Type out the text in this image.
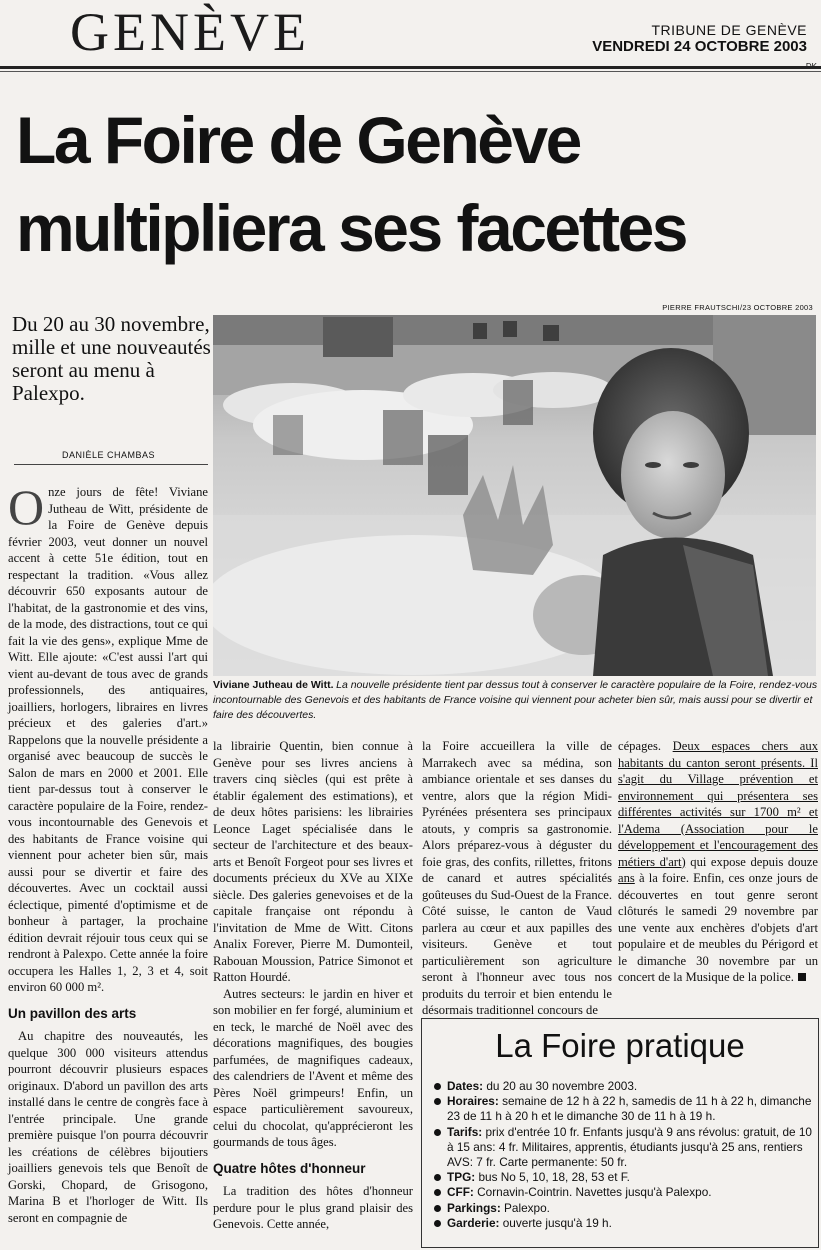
GENÈVE	TRIBUNE DE GENÈVE
VENDREDI 24 OCTOBRE 2003
La Foire de Genève multipliera ses facettes
PIERRE FRAUTSCHI/23 OCTOBRE 2003
Du 20 au 30 novembre, mille et une nouveautés seront au menu à Palexpo.
DANIÈLE CHAMBAS
Viviane Jutheau de Witt. La nouvelle présidente tient par dessus tout à conserver le caractère populaire de la Foire, rendez-vous incontournable des Genevois et des habitants de France voisine qui viennent pour acheter bien sûr, mais aussi pour se divertir et faire des découvertes.

Onze jours de fête! Viviane Jutheau de Witt, présidente de la Foire de Genève depuis février 2003, veut donner un nouvel accent à cette 51e édition, tout en respectant la tradition. «Vous allez découvrir 650 exposants autour de l'habitat, de la gastronomie et des vins, de la mode, des distractions, tout ce qui fait la vie des gens», explique Mme de Witt. Elle ajoute: «C'est aussi l'art qui vient au-devant de tous avec de grands professionnels, des antiquaires, joailliers, horlogers, libraires en livres précieux et des galeries d'art.» Rappelons que la nouvelle présidente a organisé avec beaucoup de succès le Salon de mars en 2000 et 2001. Elle tient par-dessus tout à conserver le caractère populaire de la Foire, rendez-vous incontournable des Genevois et des habitants de France voisine qui viennent pour acheter bien sûr, mais aussi pour se divertir et faire des découvertes. Avec un cocktail aussi éclectique, pimenté d'optimisme et de bonheur à partager, la prochaine édition devrait réjouir tous ceux qui se rendront à Palexpo. Cette année la foire occupera les Halles 1, 2, 3 et 4, soit environ 60 000 m².

Un pavillon des arts

Au chapitre des nouveautés, les quelque 300 000 visiteurs attendus pourront découvrir plusieurs espaces originaux. D'abord un pavillon des arts installé dans le centre de congrès face à l'entrée principale. Une grande première puisque l'on pourra découvrir les créations de célèbres bijoutiers joailliers genevois tels que Benoît de Gorski, Chopard, de Grisogono, Marina B et l'horloger de Witt. Ils seront en compagnie de

la librairie Quentin, bien connue à Genève pour ses livres anciens à travers cinq siècles (qui est prête à établir également des estimations), et de deux hôtes parisiens: les librairies Leonce Laget spécialisée dans le secteur de l'architecture et des beaux-arts et Benoît Forgeot pour ses livres et documents précieux du XVe au XIXe siècle. Des galeries genevoises et de la capitale française ont répondu à l'invitation de Mme de Witt. Citons Analix Forever, Pierre M. Dumonteil, Rabouan Moussion, Patrice Simonot et Ratton Hourdé.

Autres secteurs: le jardin en hiver et son mobilier en fer forgé, aluminium et en teck, le marché de Noël avec des décorations magnifiques, des bougies parfumées, de magnifiques cadeaux, des calendriers de l'Avent et même des Pères Noël grimpeurs! Enfin, un espace particulièrement savoureux, celui du chocolat, qu'apprécieront les gourmands de tous âges.

Quatre hôtes d'honneur

La tradition des hôtes d'honneur perdure pour le plus grand plaisir des Genevois. Cette année,

la Foire accueillera la ville de Marrakech avec sa médina, son ambiance orientale et ses danses du ventre, alors que la région Midi-Pyrénées présentera ses principaux atouts, y compris sa gastronomie. Alors préparez-vous à déguster du foie gras, des confits, rillettes, fritons de canard et autres spécialités goûteuses du Sud-Ouest de la France. Côté suisse, le canton de Vaud parlera au cœur et aux papilles des visiteurs. Genève et tout particulièrement son agriculture seront à l'honneur avec tous nos produits du terroir et bien entendu le désormais traditionnel concours de

cépages. Deux espaces chers aux habitants du canton seront présents. Il s'agit du Village prévention et environnement qui présentera ses différentes activités sur 1700 m² et l'Adema (Association pour le développement et l'encouragement des métiers d'art) qui expose depuis douze ans à la foire. Enfin, ces onze jours de découvertes en tout genre seront clôturés le samedi 29 novembre par une vente aux enchères d'objets d'art populaire et de meubles du Périgord et le dimanche 30 novembre par un concert de la Musique de la police.

La Foire pratique
Dates: du 20 au 30 novembre 2003.
Horaires: semaine de 12 h à 22 h, samedis de 11 h à 22 h, dimanche 23 de 11 h à 20 h et le dimanche 30 de 11 h à 19 h.
Tarifs: prix d'entrée 10 fr. Enfants jusqu'à 9 ans révolus: gratuit, de 10 à 15 ans: 4 fr. Militaires, apprentis, étudiants jusqu'à 25 ans, rentiers AVS: 7 fr. Carte permanente: 50 fr.
TPG: bus No 5, 10, 18, 28, 53 et F.
CFF: Cornavin-Cointrin. Navettes jusqu'à Palexpo.
Parkings: Palexpo.
Garderie: ouverte jusqu'à 19 h.
